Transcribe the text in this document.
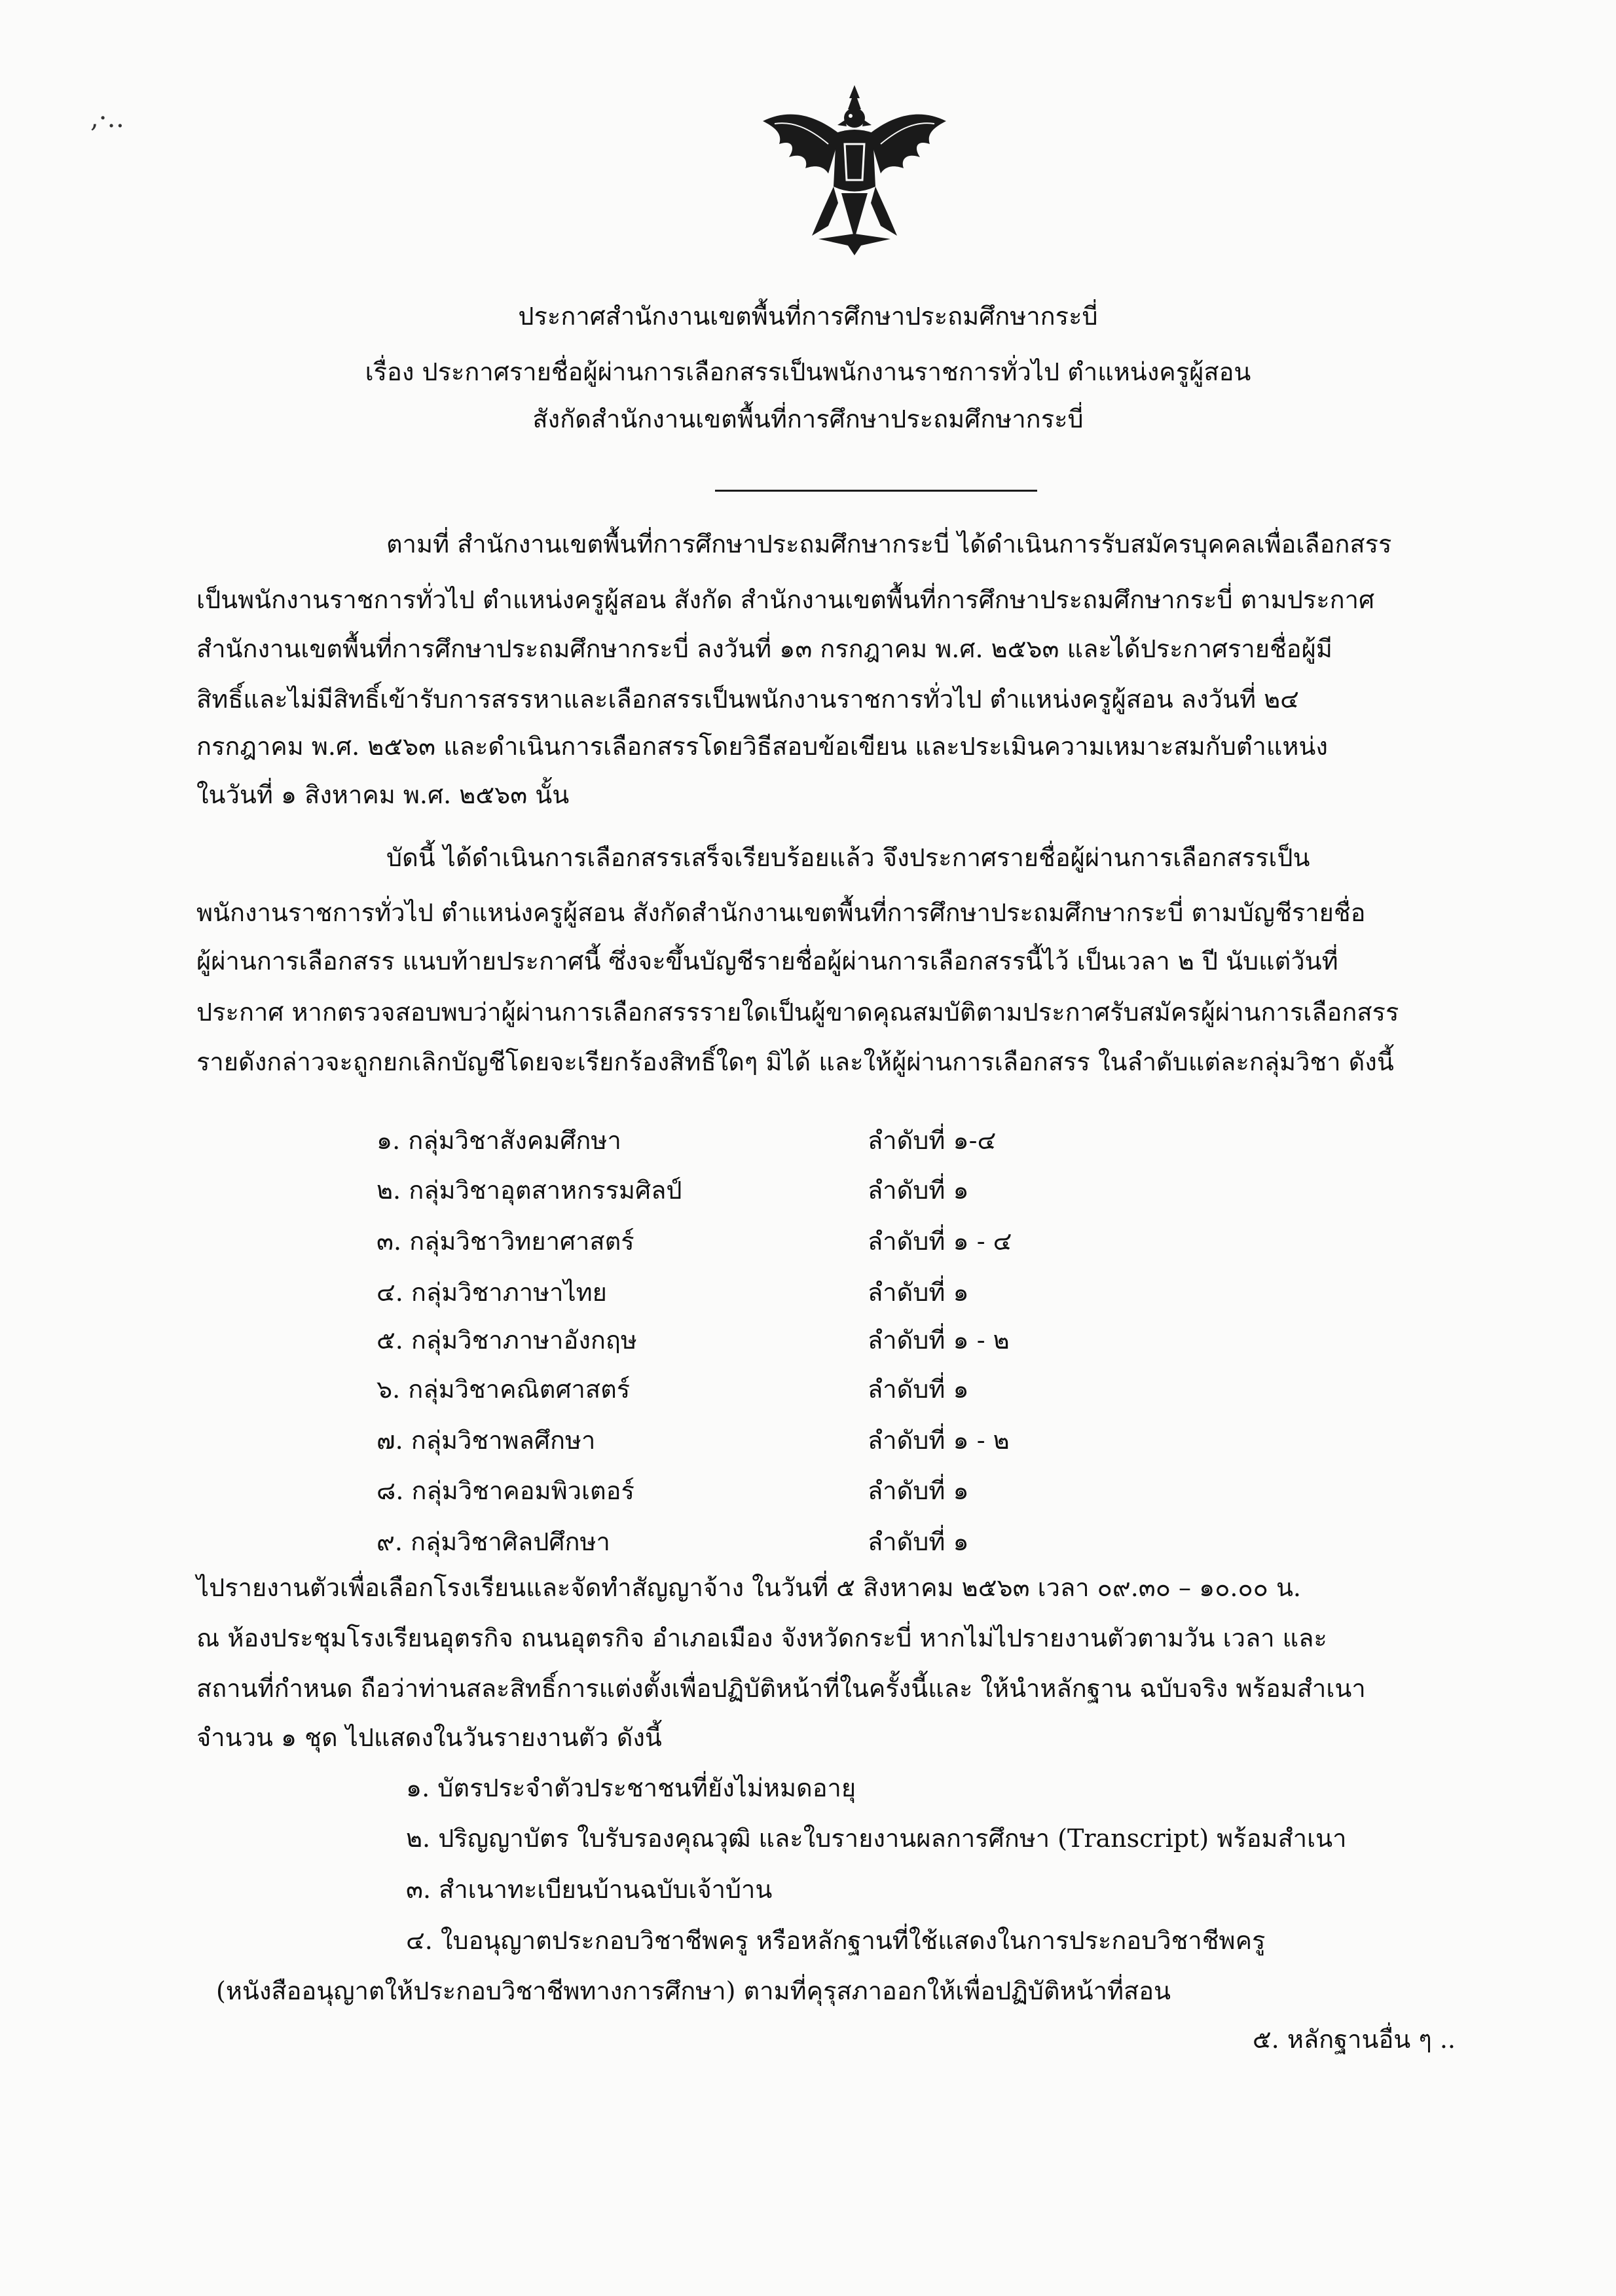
,·‥
ประกาศสำนักงานเขตพื้นที่การศึกษาประถมศึกษากระบี่
เรื่อง ประกาศรายชื่อผู้ผ่านการเลือกสรรเป็นพนักงานราชการทั่วไป ตำแหน่งครูผู้สอน
สังกัดสำนักงานเขตพื้นที่การศึกษาประถมศึกษากระบี่
ตามที่ สำนักงานเขตพื้นที่การศึกษาประถมศึกษากระบี่ ได้ดำเนินการรับสมัครบุคคลเพื่อเลือกสรร
เป็นพนักงานราชการทั่วไป ตำแหน่งครูผู้สอน สังกัด สำนักงานเขตพื้นที่การศึกษาประถมศึกษากระบี่ ตามประกาศ
สำนักงานเขตพื้นที่การศึกษาประถมศึกษากระบี่ ลงวันที่ ๑๓ กรกฎาคม พ.ศ. ๒๕๖๓ และได้ประกาศรายชื่อผู้มี
สิทธิ์และไม่มีสิทธิ์เข้ารับการสรรหาและเลือกสรรเป็นพนักงานราชการทั่วไป ตำแหน่งครูผู้สอน ลงวันที่ ๒๔
กรกฎาคม พ.ศ. ๒๕๖๓ และดำเนินการเลือกสรรโดยวิธีสอบข้อเขียน และประเมินความเหมาะสมกับตำแหน่ง
ในวันที่ ๑ สิงหาคม พ.ศ. ๒๕๖๓ นั้น
บัดนี้ ได้ดำเนินการเลือกสรรเสร็จเรียบร้อยแล้ว จึงประกาศรายชื่อผู้ผ่านการเลือกสรรเป็น
พนักงานราชการทั่วไป ตำแหน่งครูผู้สอน สังกัดสำนักงานเขตพื้นที่การศึกษาประถมศึกษากระบี่ ตามบัญชีรายชื่อ
ผู้ผ่านการเลือกสรร แนบท้ายประกาศนี้ ซึ่งจะขึ้นบัญชีรายชื่อผู้ผ่านการเลือกสรรนี้ไว้ เป็นเวลา ๒ ปี นับแต่วันที่
ประกาศ หากตรวจสอบพบว่าผู้ผ่านการเลือกสรรรายใดเป็นผู้ขาดคุณสมบัติตามประกาศรับสมัครผู้ผ่านการเลือกสรร
รายดังกล่าวจะถูกยกเลิกบัญชีโดยจะเรียกร้องสิทธิ์ใดๆ มิได้ และให้ผู้ผ่านการเลือกสรร ในลำดับแต่ละกลุ่มวิชา ดังนี้
๑. กลุ่มวิชาสังคมศึกษา	ลำดับที่ ๑-๔
๒. กลุ่มวิชาอุตสาหกรรมศิลป์	ลำดับที่ ๑
๓. กลุ่มวิชาวิทยาศาสตร์	ลำดับที่ ๑ - ๔
๔. กลุ่มวิชาภาษาไทย	ลำดับที่ ๑
๕. กลุ่มวิชาภาษาอังกฤษ	ลำดับที่ ๑ - ๒
๖. กลุ่มวิชาคณิตศาสตร์	ลำดับที่ ๑
๗. กลุ่มวิชาพลศึกษา	ลำดับที่ ๑ - ๒
๘. กลุ่มวิชาคอมพิวเตอร์	ลำดับที่ ๑
๙. กลุ่มวิชาศิลปศึกษา	ลำดับที่ ๑
ไปรายงานตัวเพื่อเลือกโรงเรียนและจัดทำสัญญาจ้าง ในวันที่ ๕ สิงหาคม ๒๕๖๓ เวลา ๐๙.๓๐ – ๑๐.๐๐ น.
ณ ห้องประชุมโรงเรียนอุตรกิจ ถนนอุตรกิจ อำเภอเมือง จังหวัดกระบี่ หากไม่ไปรายงานตัวตามวัน เวลา และ
สถานที่กำหนด ถือว่าท่านสละสิทธิ์การแต่งตั้งเพื่อปฏิบัติหน้าที่ในครั้งนี้และ ให้นำหลักฐาน ฉบับจริง พร้อมสำเนา
จำนวน ๑ ชุด ไปแสดงในวันรายงานตัว ดังนี้
๑. บัตรประจำตัวประชาชนที่ยังไม่หมดอายุ
๒. ปริญญาบัตร ใบรับรองคุณวุฒิ และใบรายงานผลการศึกษา (Transcript) พร้อมสำเนา
๓. สำเนาทะเบียนบ้านฉบับเจ้าบ้าน
๔. ใบอนุญาตประกอบวิชาชีพครู หรือหลักฐานที่ใช้แสดงในการประกอบวิชาชีพครู
(หนังสืออนุญาตให้ประกอบวิชาชีพทางการศึกษา) ตามที่คุรุสภาออกให้เพื่อปฏิบัติหน้าที่สอน
๕. หลักฐานอื่น ๆ ..
